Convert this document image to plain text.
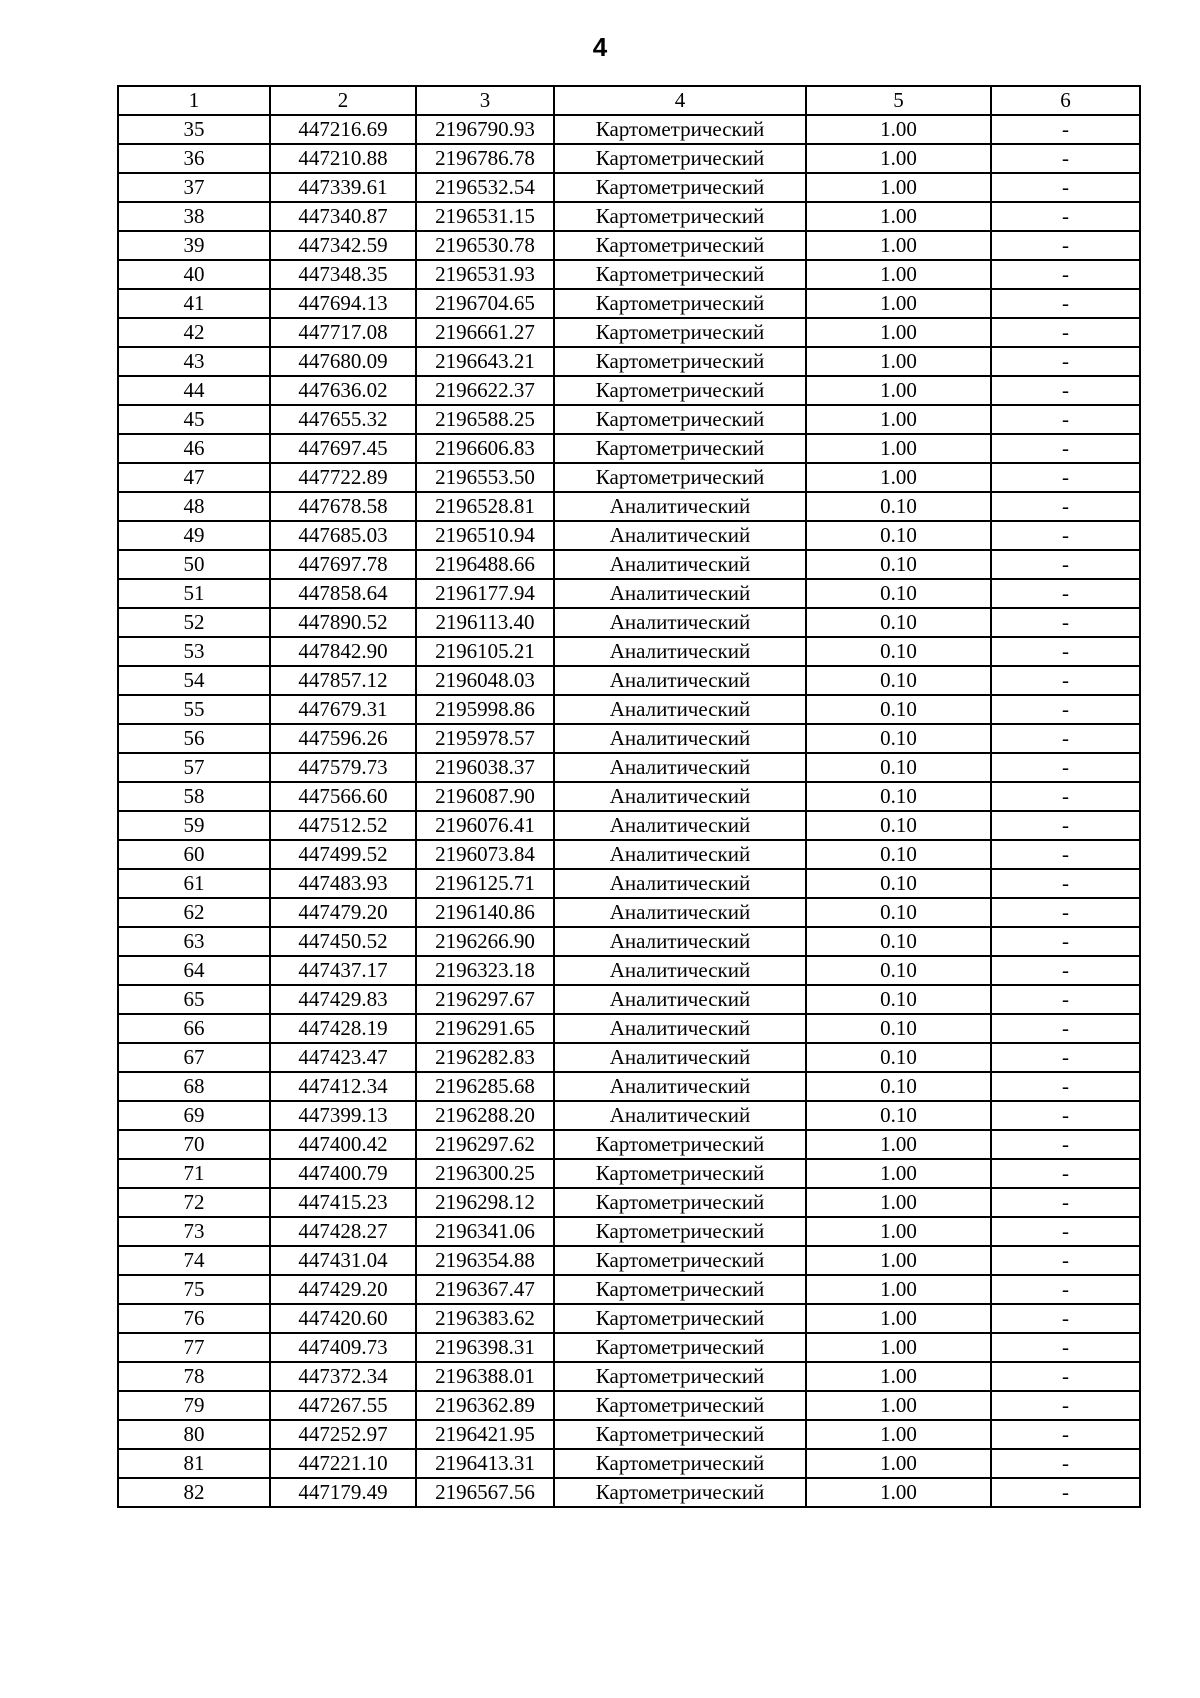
4
1	2	3	4	5	6
35	447216.69	2196790.93	Картометрический	1.00	-
36	447210.88	2196786.78	Картометрический	1.00	-
37	447339.61	2196532.54	Картометрический	1.00	-
38	447340.87	2196531.15	Картометрический	1.00	-
39	447342.59	2196530.78	Картометрический	1.00	-
40	447348.35	2196531.93	Картометрический	1.00	-
41	447694.13	2196704.65	Картометрический	1.00	-
42	447717.08	2196661.27	Картометрический	1.00	-
43	447680.09	2196643.21	Картометрический	1.00	-
44	447636.02	2196622.37	Картометрический	1.00	-
45	447655.32	2196588.25	Картометрический	1.00	-
46	447697.45	2196606.83	Картометрический	1.00	-
47	447722.89	2196553.50	Картометрический	1.00	-
48	447678.58	2196528.81	Аналитический	0.10	-
49	447685.03	2196510.94	Аналитический	0.10	-
50	447697.78	2196488.66	Аналитический	0.10	-
51	447858.64	2196177.94	Аналитический	0.10	-
52	447890.52	2196113.40	Аналитический	0.10	-
53	447842.90	2196105.21	Аналитический	0.10	-
54	447857.12	2196048.03	Аналитический	0.10	-
55	447679.31	2195998.86	Аналитический	0.10	-
56	447596.26	2195978.57	Аналитический	0.10	-
57	447579.73	2196038.37	Аналитический	0.10	-
58	447566.60	2196087.90	Аналитический	0.10	-
59	447512.52	2196076.41	Аналитический	0.10	-
60	447499.52	2196073.84	Аналитический	0.10	-
61	447483.93	2196125.71	Аналитический	0.10	-
62	447479.20	2196140.86	Аналитический	0.10	-
63	447450.52	2196266.90	Аналитический	0.10	-
64	447437.17	2196323.18	Аналитический	0.10	-
65	447429.83	2196297.67	Аналитический	0.10	-
66	447428.19	2196291.65	Аналитический	0.10	-
67	447423.47	2196282.83	Аналитический	0.10	-
68	447412.34	2196285.68	Аналитический	0.10	-
69	447399.13	2196288.20	Аналитический	0.10	-
70	447400.42	2196297.62	Картометрический	1.00	-
71	447400.79	2196300.25	Картометрический	1.00	-
72	447415.23	2196298.12	Картометрический	1.00	-
73	447428.27	2196341.06	Картометрический	1.00	-
74	447431.04	2196354.88	Картометрический	1.00	-
75	447429.20	2196367.47	Картометрический	1.00	-
76	447420.60	2196383.62	Картометрический	1.00	-
77	447409.73	2196398.31	Картометрический	1.00	-
78	447372.34	2196388.01	Картометрический	1.00	-
79	447267.55	2196362.89	Картометрический	1.00	-
80	447252.97	2196421.95	Картометрический	1.00	-
81	447221.10	2196413.31	Картометрический	1.00	-
82	447179.49	2196567.56	Картометрический	1.00	-
